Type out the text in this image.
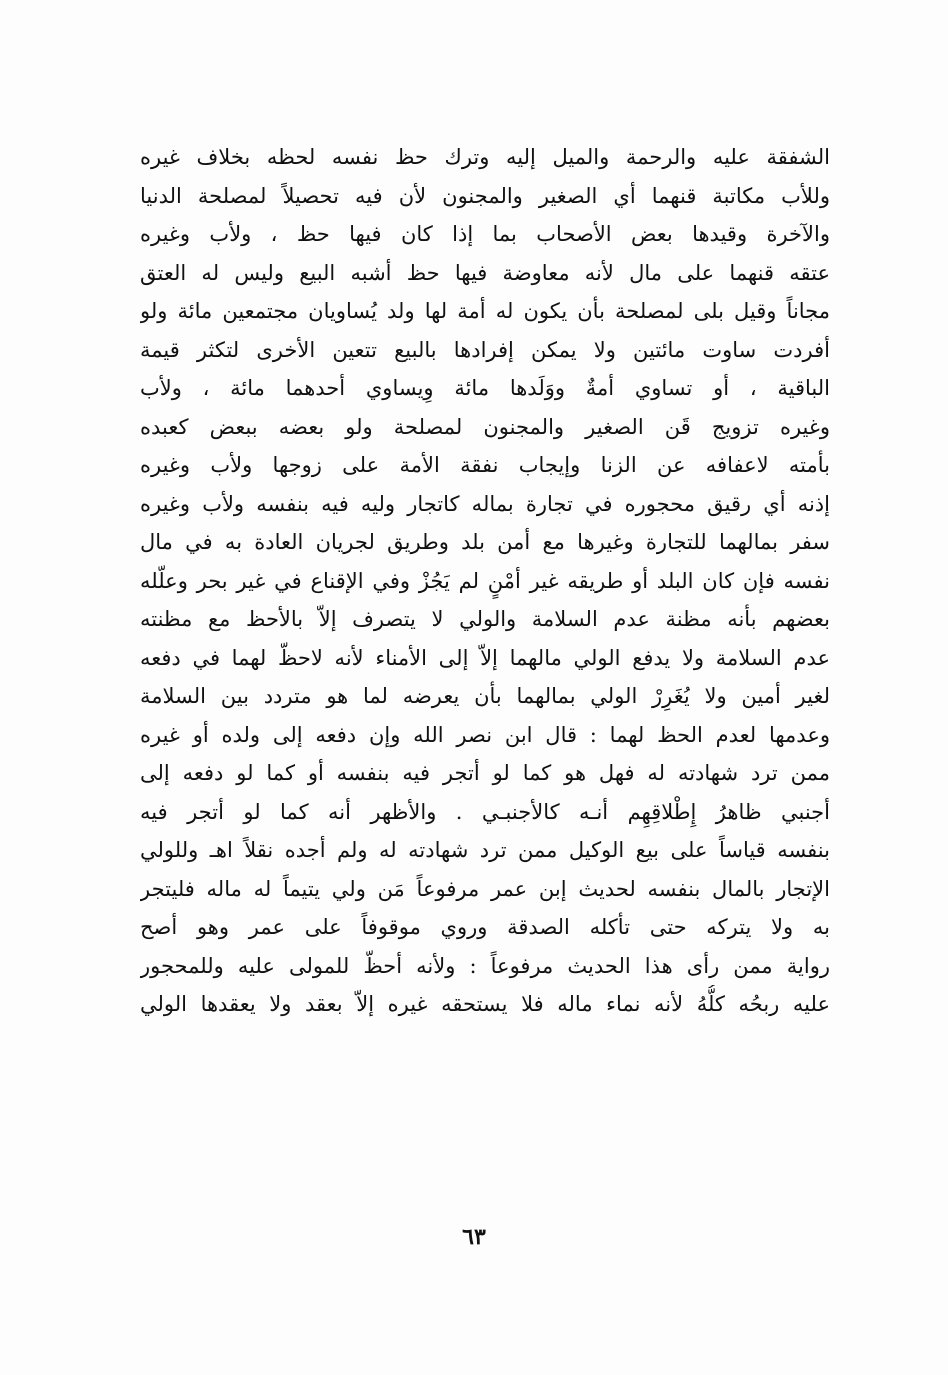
الشفقة عليه والرحمة والميل إليه وترك حظ نفسه لحظه بخلاف غيره
وللأب مكاتبة قنهما أي الصغير والمجنون لأن فيه تحصيلاً لمصلحة الدنيا
والآخرة وقيدها بعض الأصحاب بما إذا كان فيها حظ ، ولأب وغيره
عتقه قنهما على مال لأنه معاوضة فيها حظ أشبه البيع وليس له العتق
مجاناً وقيل بلى لمصلحة بأن يكون له أمة لها ولد يُساويان مجتمعين مائة ولو
أفردت ساوت مائتين ولا يمكن إفرادها بالبيع تتعين الأخرى لتكثر قيمة
الباقية ، أو تساوي أمةٌ ووَلَدها مائة وِيساوي أحدهما مائة ، ولأب
وغيره تزويج قَن الصغير والمجنون لمصلحة ولو بعضه ببعض كعبده
بأمته لاعفافه عن الزنا وإيجاب نفقة الأمة على زوجها ولأب وغيره
إذنه أي رقيق محجوره في تجارة بماله كاتجار وليه فيه بنفسه ولأب وغيره
سفر بمالهما للتجارة وغيرها مع أمن بلد وطريق لجريان العادة به في مال
نفسه فإن كان البلد أو طريقه غير أمْنٍ لم يَجُزْ وفي الإقناع في غير بحر وعلّله
بعضهم بأنه مظنة عدم السلامة والولي لا يتصرف إلاّ بالأحظ مع مظنته
عدم السلامة ولا يدفع الولي مالهما إلاّ إلى الأمناء لأنه لاحظّ لهما في دفعه
لغير أمين ولا يُغَرِرْ الولي بمالهما بأن يعرضه لما هو متردد بين السلامة
وعدمها لعدم الحظ لهما : قال ابن نصر الله وإن دفعه إلى ولده أو غيره
ممن ترد شهادته له فهل هو كما لو أتجر فيه بنفسه أو كما لو دفعه إلى
أجنبي ظاهرُ إِطْلاقِهِم أنـه كالأجنبـي . والأظهر أنه كما لو أتجر فيه
بنفسه قياساً على بيع الوكيل ممن ترد شهادته له ولم أجده نقلاً اهـ وللولي
الإتجار بالمال بنفسه لحديث إبن عمر مرفوعاً مَن ولي يتيماً له ماله فليتجر
به ولا يتركه حتى تأكله الصدقة وروي موقوفاً على عمر وهو أصح
رواية ممن رأى هذا الحديث مرفوعاً : ولأنه أحظّ للمولى عليه وللمحجور
عليه ربحُه كلُّهُ لأنه نماء ماله فلا يستحقه غيره إلاّ بعقد ولا يعقدها الولي
٦٣
